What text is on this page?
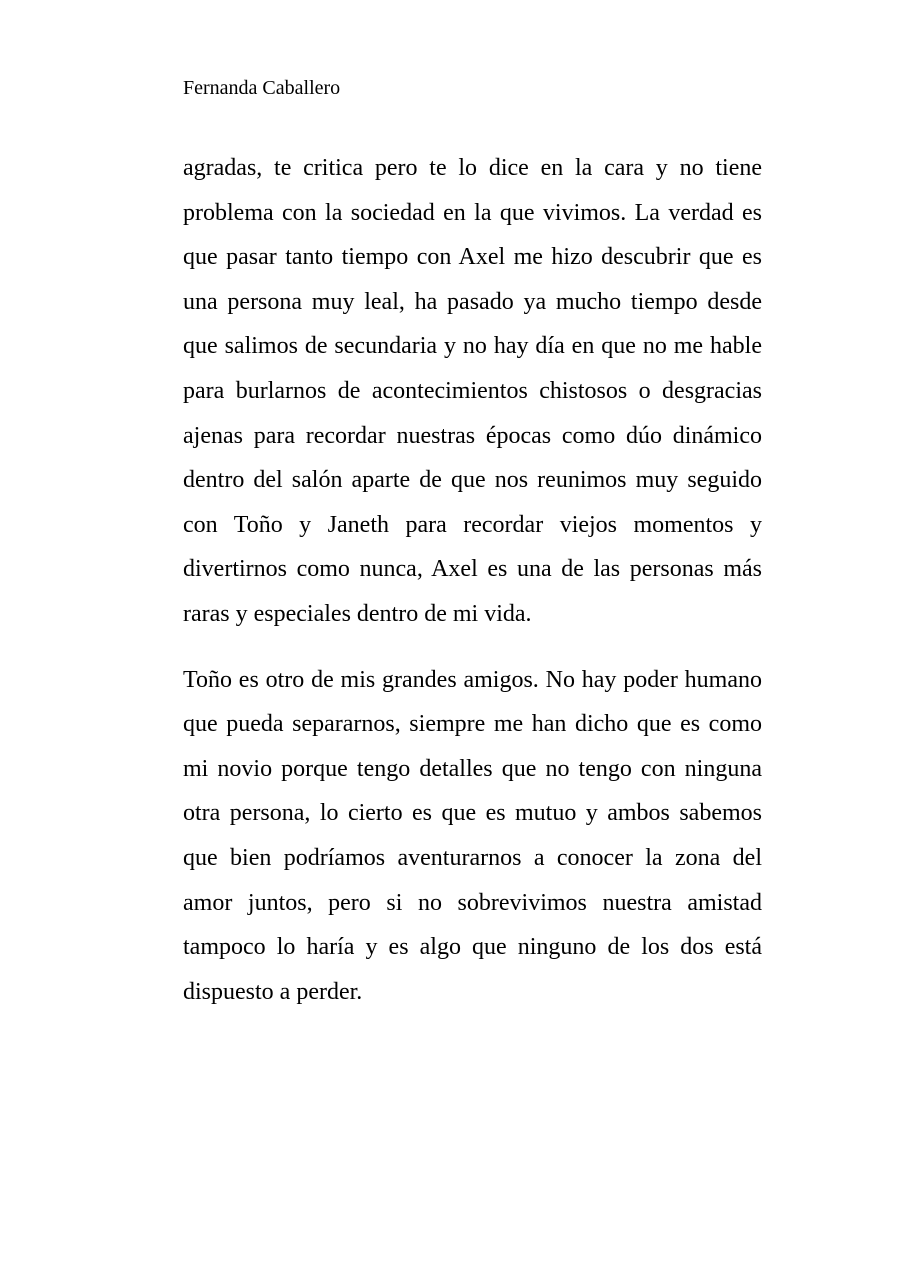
Fernanda Caballero

agradas, te critica pero te lo dice en la cara y no tiene problema con la sociedad en la que vivimos. La verdad es que pasar tanto tiempo con Axel me hizo descubrir que es una persona muy leal, ha pasado ya mucho tiempo desde que salimos de secundaria y no hay día en que no me hable para burlarnos de acontecimientos chistosos o desgracias ajenas para recordar nuestras épocas como dúo dinámico dentro del salón aparte de que nos reunimos muy seguido con Toño y Janeth para recordar viejos momentos y divertirnos como nunca, Axel es una de las personas más raras y especiales dentro de mi vida.

Toño es otro de mis grandes amigos. No hay poder humano que pueda separarnos, siempre me han dicho que es como mi novio porque tengo detalles que no tengo con ninguna otra persona, lo cierto es que es mutuo y ambos sabemos que bien podríamos aventurarnos a conocer la zona del amor juntos, pero si no sobrevivimos nuestra amistad tampoco lo haría y es algo que ninguno de los dos está dispuesto a perder.
